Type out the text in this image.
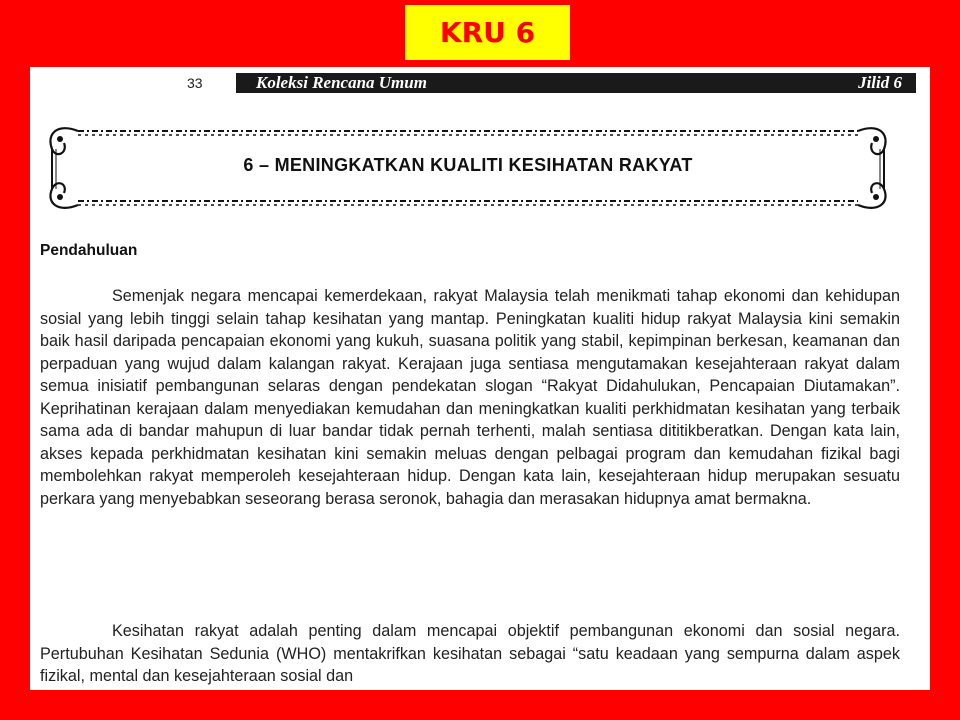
KRU 6
33	Koleksi Rencana Umum	Jilid 6
6 – MENINGKATKAN KUALITI KESIHATAN RAKYAT
Pendahuluan

Semenjak negara mencapai kemerdekaan, rakyat Malaysia telah menikmati tahap ekonomi dan kehidupan sosial yang lebih tinggi selain tahap kesihatan yang mantap. Peningkatan kualiti hidup rakyat Malaysia kini semakin baik hasil daripada pencapaian ekonomi yang kukuh, suasana politik yang stabil, kepimpinan berkesan, keamanan dan perpaduan yang wujud dalam kalangan rakyat. Kerajaan juga sentiasa mengutamakan kesejahteraan rakyat dalam semua inisiatif pembangunan selaras dengan pendekatan slogan “Rakyat Didahulukan, Pencapaian Diutamakan”. Keprihatinan kerajaan dalam menyediakan kemudahan dan meningkatkan kualiti perkhidmatan kesihatan yang terbaik sama ada di bandar mahupun di luar bandar tidak pernah terhenti, malah sentiasa dititikberatkan. Dengan kata lain, akses kepada perkhidmatan kesihatan kini semakin meluas dengan pelbagai program dan kemudahan fizikal bagi membolehkan rakyat memperoleh kesejahteraan hidup. Dengan kata lain, kesejahteraan hidup merupakan sesuatu perkara yang menyebabkan seseorang berasa seronok, bahagia dan merasakan hidupnya amat bermakna.

Kesihatan rakyat adalah penting dalam mencapai objektif pembangunan ekonomi dan sosial negara. Pertubuhan Kesihatan Sedunia (WHO) mentakrifkan kesihatan sebagai “satu keadaan yang sempurna dalam aspek fizikal, mental dan kesejahteraan sosial dan
